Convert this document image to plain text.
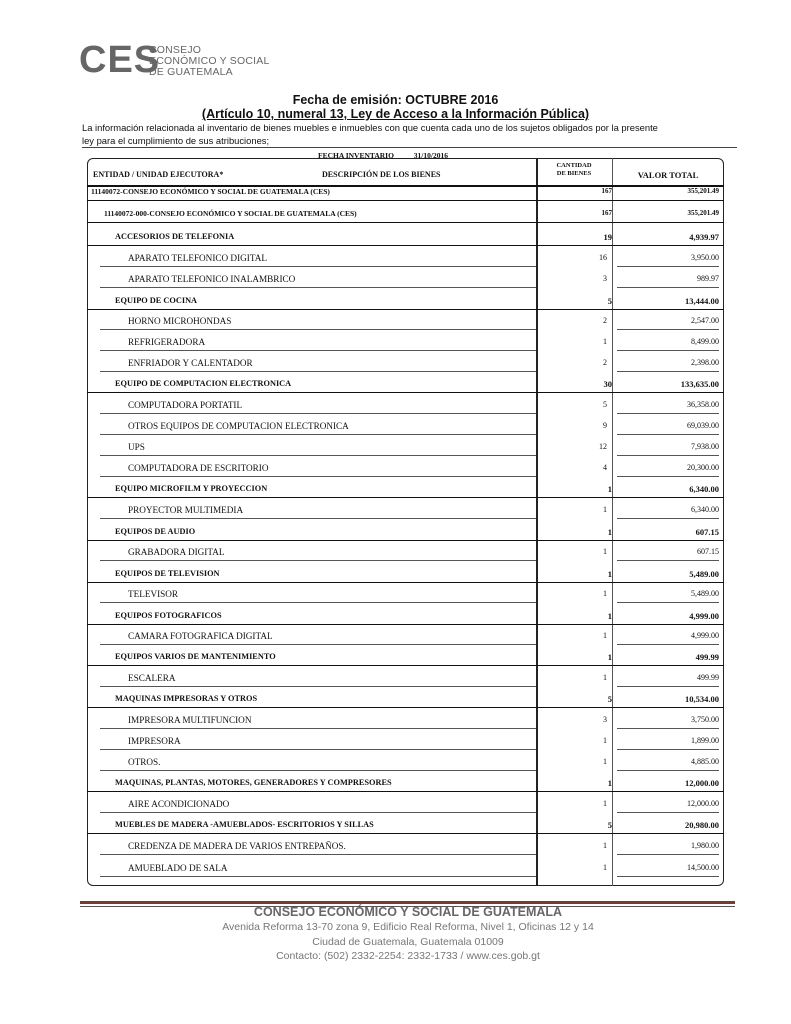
CES
CONSEJO
ECONÓMICO Y SOCIAL
DE GUATEMALA
Fecha de emisión: OCTUBRE 2016
(Artículo 10, numeral 13, Ley de Acceso a la Información Pública)
La información relacionada al inventario de bienes muebles e inmuebles con que cuenta cada uno de los sujetos obligados por la presente
ley para el cumplimiento de sus atribuciones;
FECHA INVENTARIO	31/10/2016
ENTIDAD / UNIDAD EJECUTORA*	DESCRIPCIÓN DE LOS BIENES
CANTIDAD
DE BIENES	VALOR TOTAL
11140072-CONSEJO ECONÓMICO Y SOCIAL DE GUATEMALA (CES)	167	355,201.49
11140072-000-CONSEJO ECONÓMICO Y SOCIAL DE GUATEMALA (CES)	167	355,201.49
ACCESORIOS DE TELEFONIA	19	4,939.97
APARATO TELEFONICO DIGITAL	16	3,950.00
APARATO TELEFONICO INALAMBRICO	3	989.97
EQUIPO DE COCINA	5	13,444.00
HORNO MICROHONDAS	2	2,547.00
REFRIGERADORA	1	8,499.00
ENFRIADOR Y CALENTADOR	2	2,398.00
EQUIPO DE COMPUTACION ELECTRONICA	30	133,635.00
COMPUTADORA PORTATIL	5	36,358.00
OTROS EQUIPOS DE COMPUTACION ELECTRONICA	9	69,039.00
UPS	12	7,938.00
COMPUTADORA DE ESCRITORIO	4	20,300.00
EQUIPO MICROFILM Y PROYECCION	1	6,340.00
PROYECTOR MULTIMEDIA	1	6,340.00
EQUIPOS DE AUDIO	1	607.15
GRABADORA DIGITAL	1	607.15
EQUIPOS DE TELEVISION	1	5,489.00
TELEVISOR	1	5,489.00
EQUIPOS FOTOGRAFICOS	1	4,999.00
CAMARA FOTOGRAFICA DIGITAL	1	4,999.00
EQUIPOS VARIOS DE MANTENIMIENTO	1	499.99
ESCALERA	1	499.99
MAQUINAS IMPRESORAS Y OTROS	5	10,534.00
IMPRESORA MULTIFUNCION	3	3,750.00
IMPRESORA	1	1,899.00
OTROS.	1	4,885.00
MAQUINAS, PLANTAS, MOTORES, GENERADORES Y COMPRESORES	1	12,000.00
AIRE ACONDICIONADO	1	12,000.00
MUEBLES DE MADERA -AMUEBLADOS- ESCRITORIOS Y SILLAS	5	20,980.00
CREDENZA DE MADERA DE VARIOS ENTREPAÑOS.	1	1,980.00
AMUEBLADO DE SALA	1	14,500.00
CONSEJO ECONÓMICO Y SOCIAL DE GUATEMALA
Avenida Reforma 13-70 zona 9, Edificio Real Reforma, Nivel 1, Oficinas 12 y 14
Ciudad de Guatemala, Guatemala 01009
Contacto: (502) 2332-2254: 2332-1733 / www.ces.gob.gt
